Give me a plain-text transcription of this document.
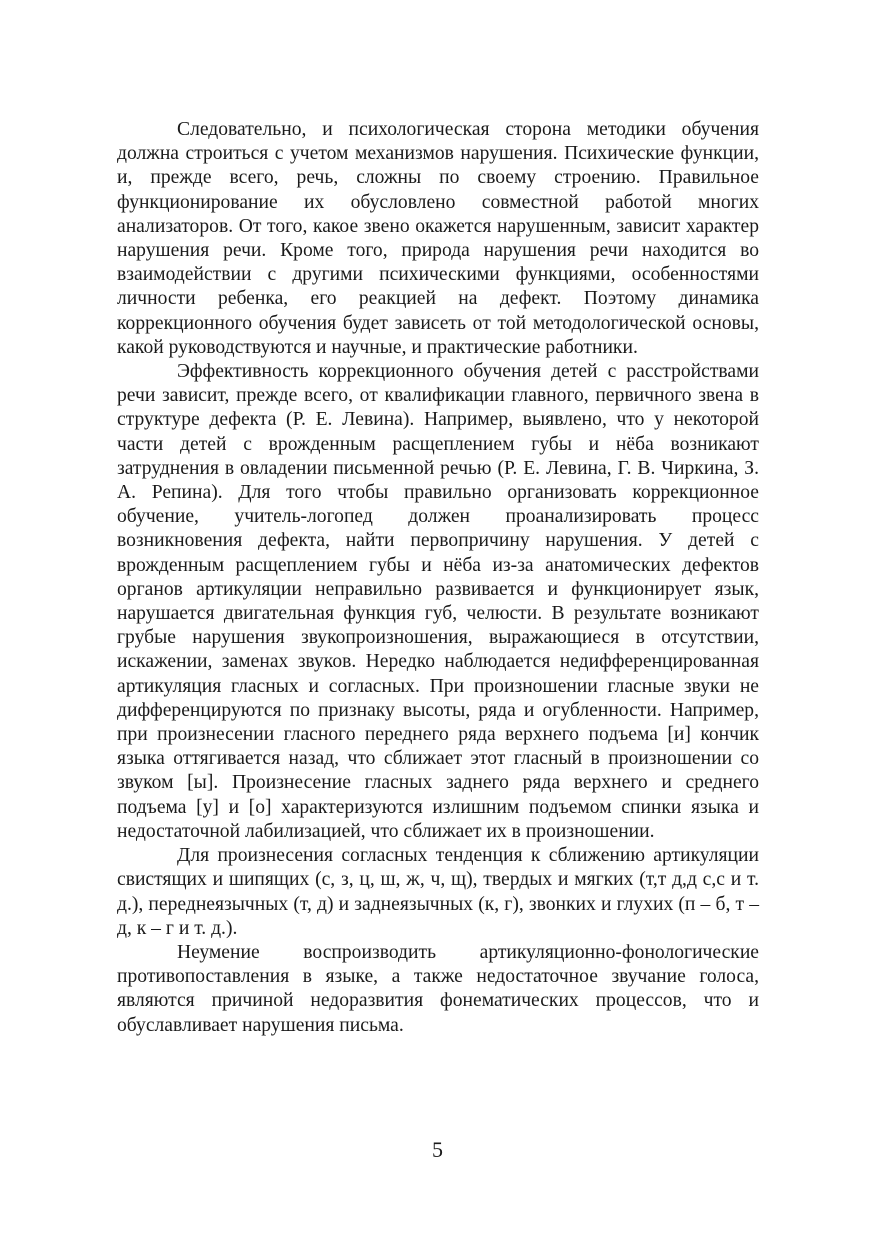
Следовательно, и психологическая сторона методики обучения должна строиться с учетом механизмов нарушения. Психические функции, и, прежде всего, речь, сложны по своему строению. Правильное функционирование их обусловлено совместной работой многих анализаторов. От того, какое звено окажется нарушенным, зависит характер нарушения речи. Кроме того, природа нарушения речи находится во взаимодействии с другими психическими функциями, особенностями личности ребенка, его реакцией на дефект. Поэтому динамика коррекционного обучения будет зависеть от той методологической основы, какой руководствуются и научные, и практические работники.

Эффективность коррекционного обучения детей с расстройствами речи зависит, прежде всего, от квалификации главного, первичного звена в структуре дефекта (Р. Е. Левина). Например, выявлено, что у некоторой части детей с врожденным расщеплением губы и нёба возникают затруднения в овладении письменной речью (Р. Е. Левина, Г. В. Чиркина, З. А. Репина). Для того чтобы правильно организовать коррекционное обучение, учитель-логопед должен проанализировать процесс возникновения дефекта, найти первопричину нарушения. У детей с врожденным расщеплением губы и нёба из-за анатомических дефектов органов артикуляции неправильно развивается и функционирует язык, нарушается двигательная функция губ, челюсти. В результате возникают грубые нарушения звукопроизношения, выражающиеся в отсутствии, искажении, заменах звуков. Нередко наблюдается недифференцированная артикуляция гласных и согласных. При произношении гласные звуки не дифференцируются по признаку высоты, ряда и огубленности. Например, при произнесении гласного переднего ряда верхнего подъема [и] кончик языка оттягивается назад, что сближает этот гласный в произношении со звуком [ы]. Произнесение гласных заднего ряда верхнего и среднего подъема [у] и [о] характеризуются излишним подъемом спинки языка и недостаточной лабилизацией, что сближает их в произношении.

Для произнесения согласных тенденция к сближению артикуляции свистящих и шипящих (с, з, ц, ш, ж, ч, щ), твердых и мягких (т,т д,д с,с и т. д.), переднеязычных (т, д) и заднеязычных (к, г), звонких и глухих (п – б, т – д, к – г и т. д.).

Неумение воспроизводить артикуляционно-фонологические противопоставления в языке, а также недостаточное звучание голоса, являются причиной недоразвития фонематических процессов, что и обуславливает нарушения письма.

5
